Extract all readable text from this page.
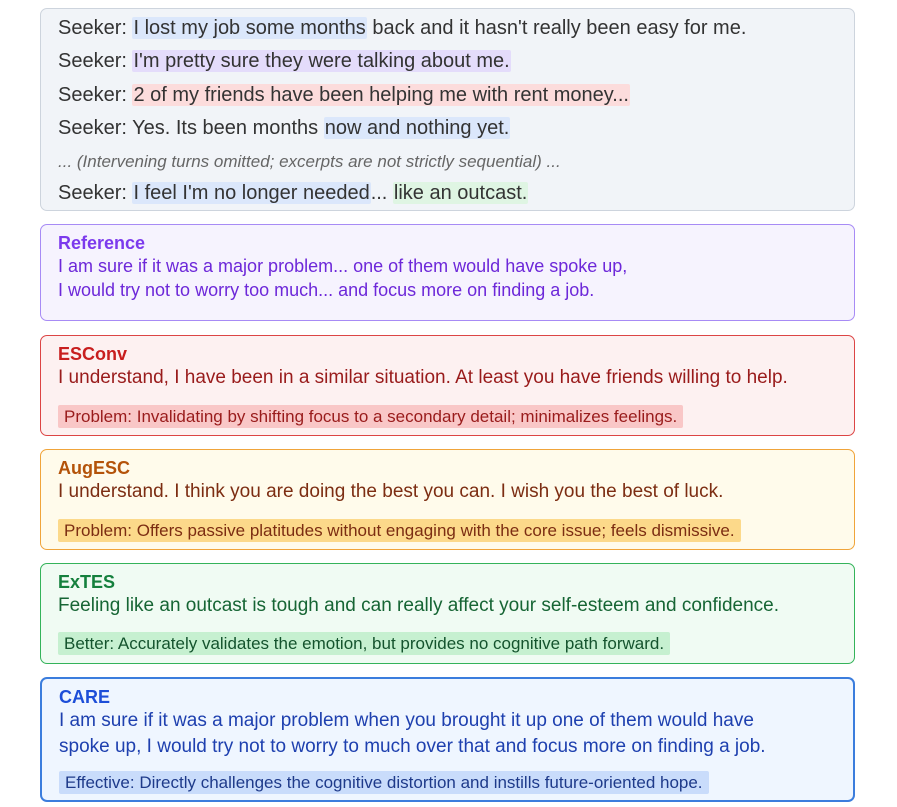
Seeker: I lost my job some months back and it hasn't really been easy for me.
Seeker: I'm pretty sure they were talking about me.
Seeker: 2 of my friends have been helping me with rent money...
Seeker: Yes. Its been months now and nothing yet.
... (Intervening turns omitted; excerpts are not strictly sequential) ...
Seeker: I feel I'm no longer needed... like an outcast.
Reference
I am sure if it was a major problem... one of them would have spoke up,
I would try not to worry too much... and focus more on finding a job.
ESConv
I understand, I have been in a similar situation. At least you have friends willing to help.
Problem: Invalidating by shifting focus to a secondary detail; minimalizes feelings.
AugESC
I understand. I think you are doing the best you can. I wish you the best of luck.
Problem: Offers passive platitudes without engaging with the core issue; feels dismissive.
ExTES
Feeling like an outcast is tough and can really affect your self-esteem and confidence.
Better: Accurately validates the emotion, but provides no cognitive path forward.
CARE
I am sure if it was a major problem when you brought it up one of them would have
spoke up, I would try not to worry to much over that and focus more on finding a job.
Effective: Directly challenges the cognitive distortion and instills future-oriented hope.
